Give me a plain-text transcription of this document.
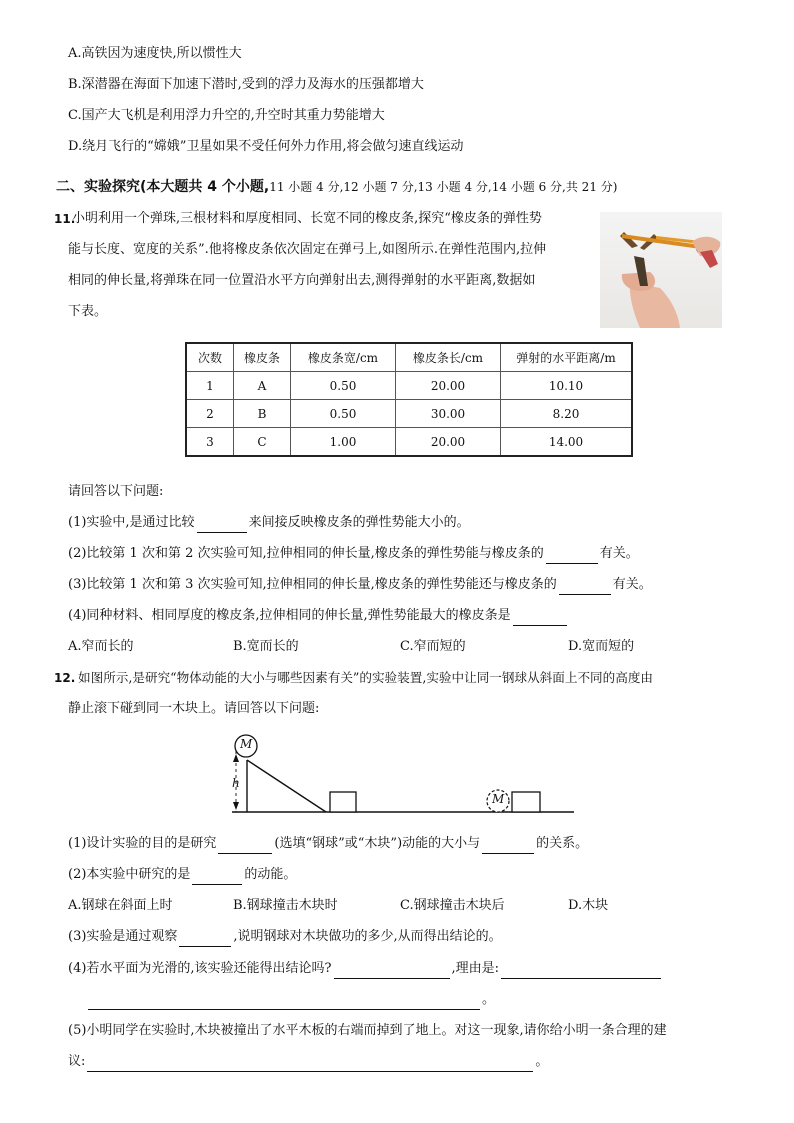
A.高铁因为速度快,所以惯性大
B.深潜器在海面下加速下潜时,受到的浮力及海水的压强都增大
C.国产大飞机是利用浮力升空的,升空时其重力势能增大
D.绕月飞行的“嫦娥”卫星如果不受任何外力作用,将会做匀速直线运动
二、实验探究(本大题共 4 个小题,11 小题 4 分,12 小题 7 分,13 小题 4 分,14 小题 6 分,共 21 分)
11.
小明利用一个弹珠,三根材料和厚度相同、长宽不同的橡皮条,探究“橡皮条的弹性势
能与长度、宽度的关系”.他将橡皮条依次固定在弹弓上,如图所示.在弹性范围内,拉伸
相同的伸长量,将弹珠在同一位置沿水平方向弹射出去,测得弹射的水平距离,数据如
下表。
次数	橡皮条	橡皮条宽/cm	橡皮条长/cm	弹射的水平距离/m
1	A	0.50	20.00	10.10
2	B	0.50	30.00	8.20
3	C	1.00	20.00	14.00
请回答以下问题:
(1)实验中,是通过比较	来间接反映橡皮条的弹性势能大小的。
(2)比较第 1 次和第 2 次实验可知,拉伸相同的伸长量,橡皮条的弹性势能与橡皮条的	有关。
(3)比较第 1 次和第 3 次实验可知,拉伸相同的伸长量,橡皮条的弹性势能还与橡皮条的	有关。
(4)同种材料、相同厚度的橡皮条,拉伸相同的伸长量,弹性势能最大的橡皮条是
A.窄而长的	B.宽而长的	C.窄而短的	D.宽而短的
12. 如图所示,是研究“物体动能的大小与哪些因素有关”的实验装置,实验中让同一钢球从斜面上不同的高度由
静止滚下碰到同一木块上。请回答以下问题:
M
M
h
(1)设计实验的目的是研究	(选填“钢球”或“木块”)动能的大小与	的关系。
(2)本实验中研究的是	的动能。
A.钢球在斜面上时	B.钢球撞击木块时	C.钢球撞击木块后	D.木块
(3)实验是通过观察	,说明钢球对木块做功的多少,从而得出结论的。
(4)若水平面为光滑的,该实验还能得出结论吗?	,理由是:
。
(5)小明同学在实验时,木块被撞出了水平木板的右端而掉到了地上。对这一现象,请你给小明一条合理的建
议:	。
